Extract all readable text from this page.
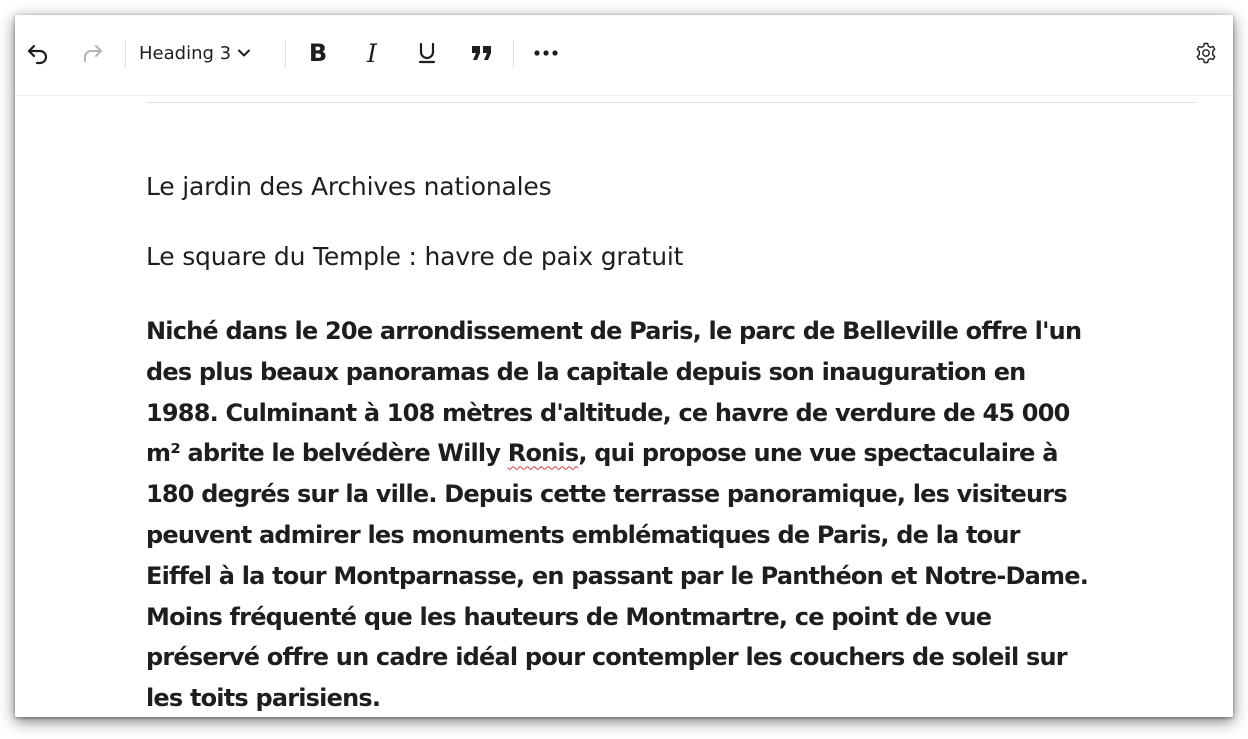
Heading 3	B I
Le jardin des Archives nationales
Le square du Temple : havre de paix gratuit

Niché dans le 20e arrondissement de Paris, le parc de Belleville offre l'un
des plus beaux panoramas de la capitale depuis son inauguration en
1988. Culminant à 108 mètres d'altitude, ce havre de verdure de 45 000
m² abrite le belvédère Willy Ronis, qui propose une vue spectaculaire à
180 degrés sur la ville. Depuis cette terrasse panoramique, les visiteurs
peuvent admirer les monuments emblématiques de Paris, de la tour
Eiffel à la tour Montparnasse, en passant par le Panthéon et Notre-Dame.
Moins fréquenté que les hauteurs de Montmartre, ce point de vue
préservé offre un cadre idéal pour contempler les couchers de soleil sur
les toits parisiens.
